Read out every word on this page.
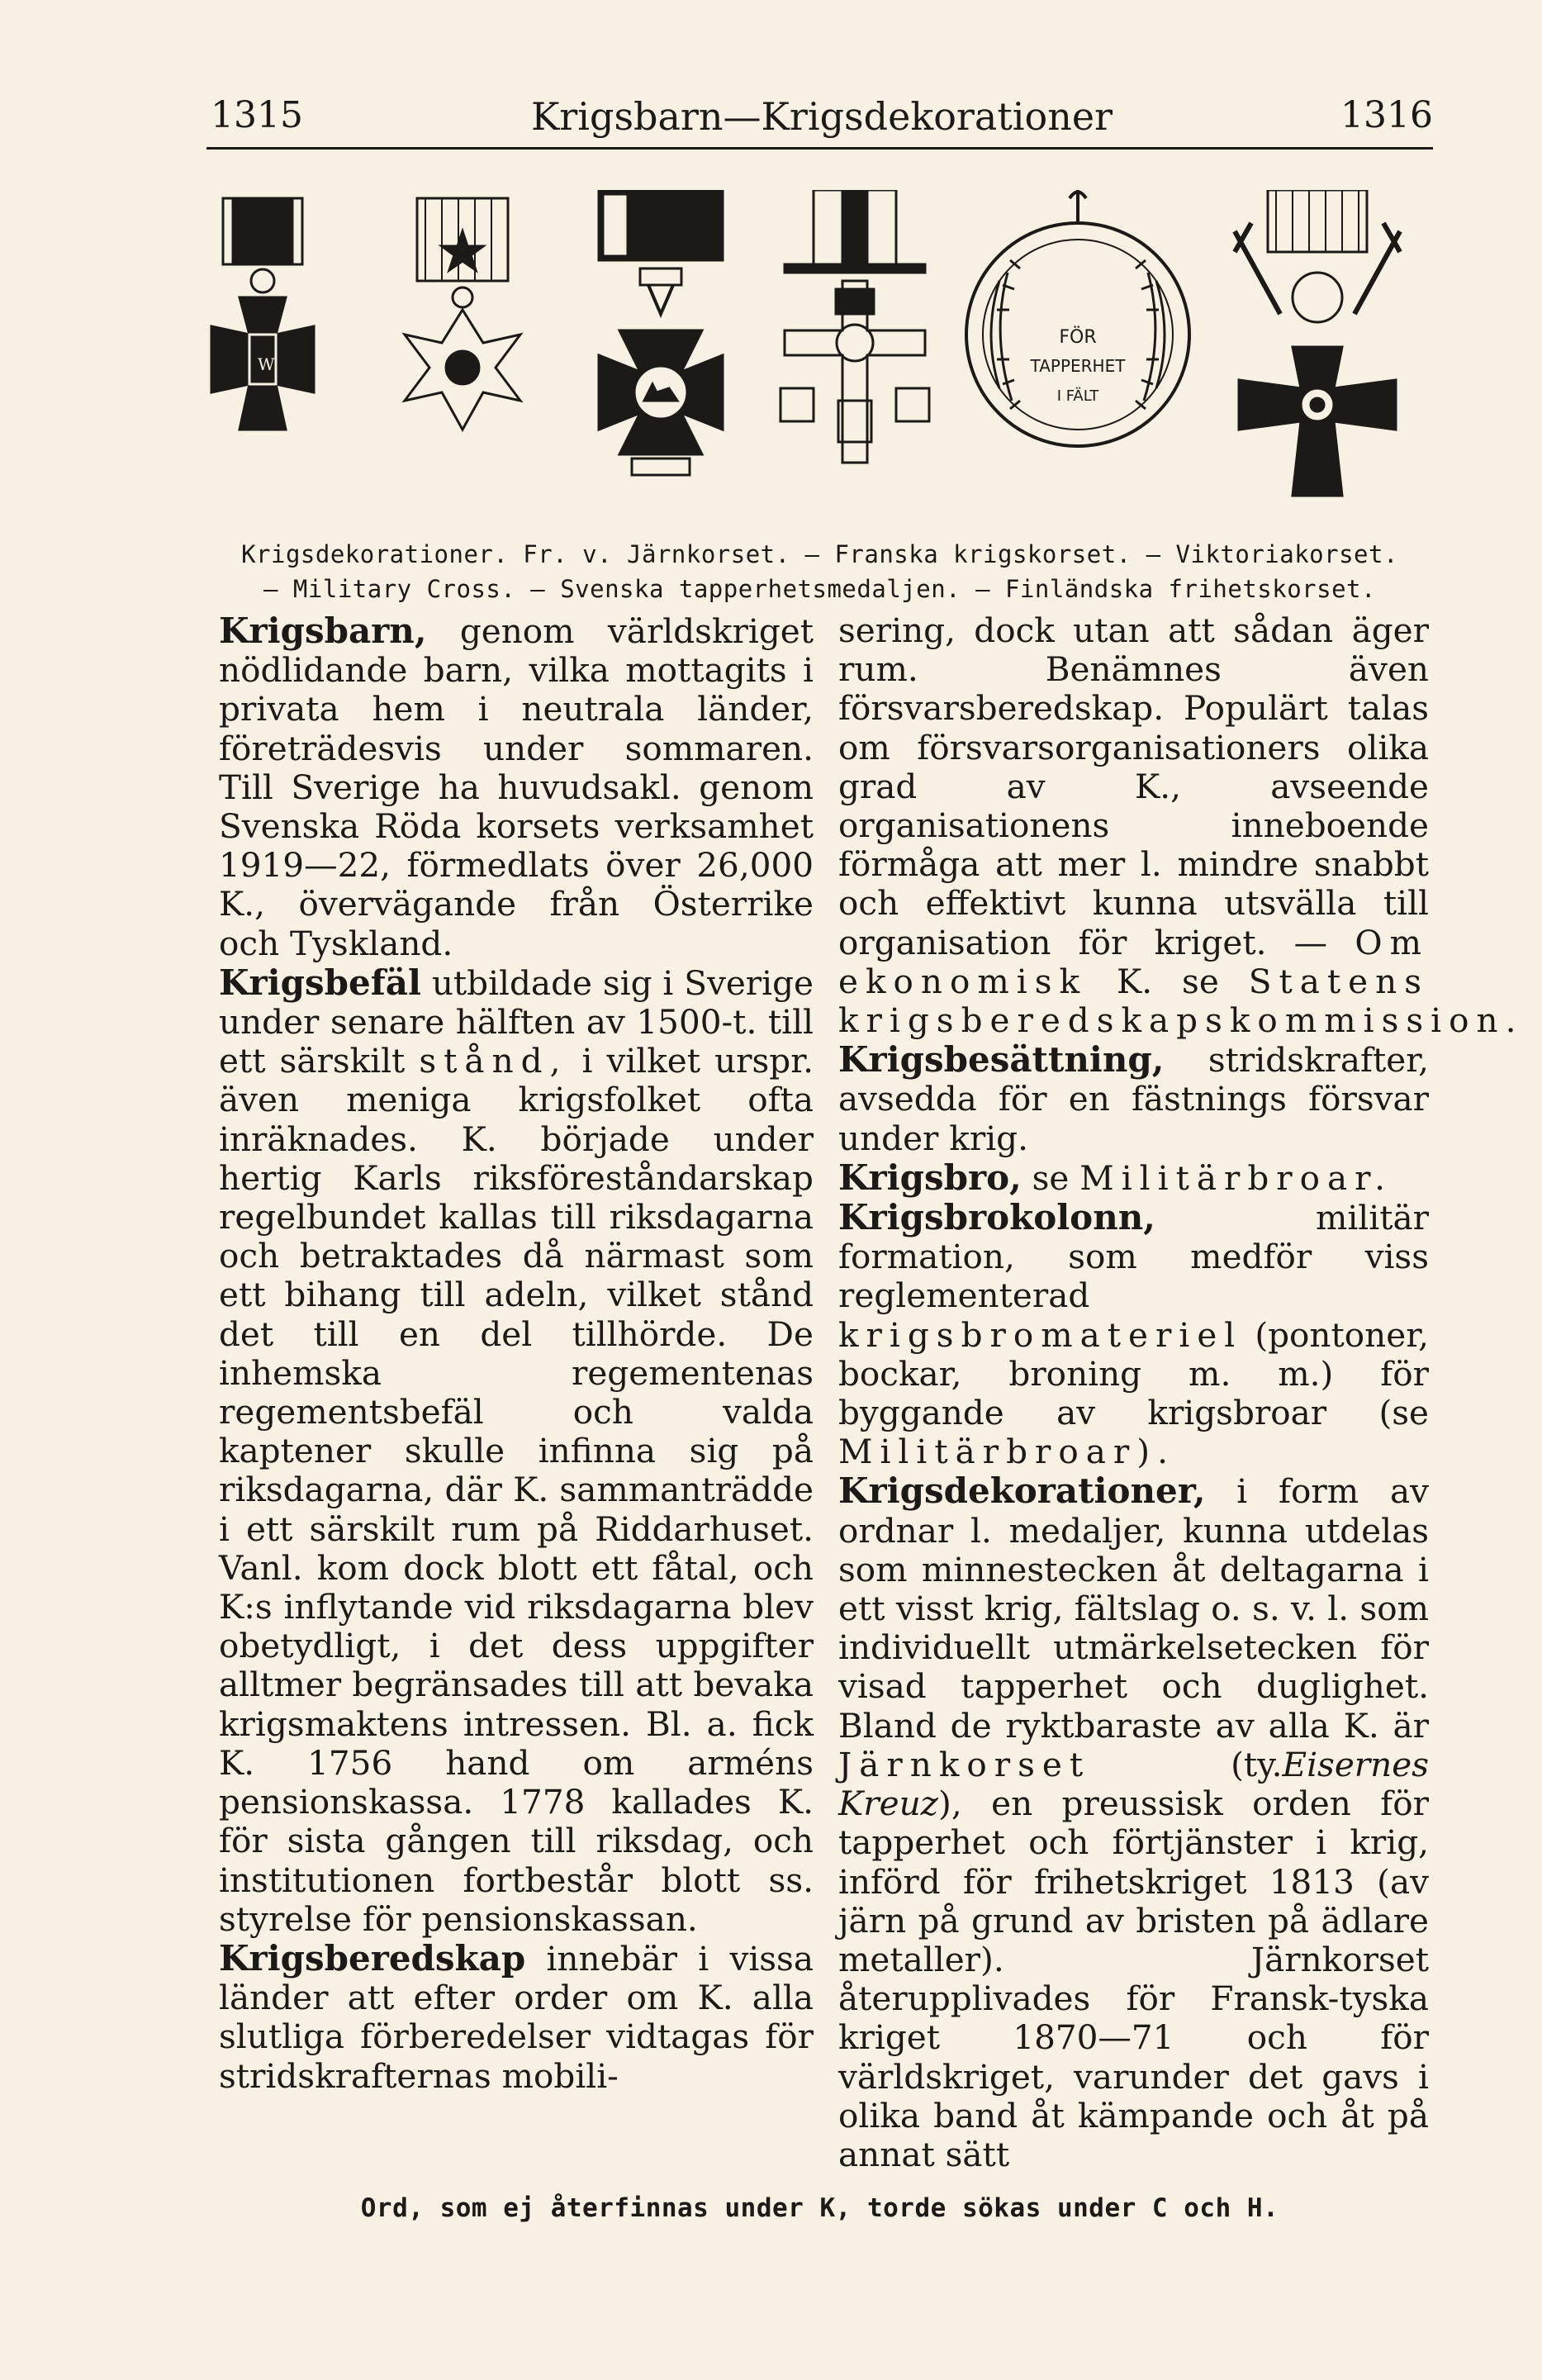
1315	Krigsbarn—Krigsdekorationer	1316
W
FÖR
TAPPERHET
I FÄLT
Krigsdekorationer. Fr. v. Järnkorset. — Franska krigskorset. — Viktoriakorset.
— Military Cross. — Svenska tapperhetsmedaljen. — Finländska frihetskorset.

Krigsbarn, genom världskriget nödlidande barn, vilka mottagits i privata hem i neutrala länder, företrädesvis under sommaren. Till Sverige ha huvudsakl. genom Svenska Röda korsets verksamhet 1919—22, förmedlats över 26,000 K., övervägande från Österrike och Tyskland.

Krigsbefäl utbildade sig i Sverige under senare hälften av 1500-t. till ett särskilt stånd, i vilket urspr. även meniga krigsfolket ofta inräknades. K. började under hertig Karls riksföreståndarskap regelbundet kallas till riksdagarna och betraktades då närmast som ett bihang till adeln, vilket stånd det till en del tillhörde. De inhemska regementenas regementsbefäl och valda kaptener skulle infinna sig på riksdagarna, där K. sammanträdde i ett särskilt rum på Riddarhuset. Vanl. kom dock blott ett fåtal, och K:s inflytande vid riksdagarna blev obetydligt, i det dess uppgifter alltmer begränsades till att bevaka krigsmaktens intressen. Bl. a. fick K. 1756 hand om arméns pensionskassa. 1778 kallades K. för sista gången till riksdag, och institutionen fortbestår blott ss. styrelse för pensionskassan.

Krigsberedskap innebär i vissa länder att efter order om K. alla slutliga förberedelser vidtagas för stridskrafternas mobili-

sering, dock utan att sådan äger rum. Benämnes även försvarsberedskap. Populärt talas om försvarsorganisationers olika grad av K., avseende organisationens inneboende förmåga att mer l. mindre snabbt och effektivt kunna utsvälla till organisation för kriget. — Om ekonomisk K. se Statens krigsberedskapskommission.

Krigsbesättning, stridskrafter, avsedda för en fästnings försvar under krig.

Krigsbro, se Militärbroar.

Krigsbrokolonn,	militär formation, som medför viss reglementerad krigsbromateriel (pontoner, bockar, broning m. m.) för byggande av krigsbroar (se Militärbroar).

Krigsdekorationer, i form av ordnar l. medaljer, kunna utdelas som minnestecken åt deltagarna i ett visst krig, fältslag o. s. v. l. som individuellt utmärkelsetecken för visad tapperhet och duglighet. Bland de ryktbaraste av alla K. är Järnkorset	(ty.Eisernes Kreuz), en preussisk orden för tapperhet och förtjänster i krig, införd för frihetskriget 1813 (av järn på grund av bristen på ädlare metaller). Järnkorset återupplivades för Fransk-tyska kriget 1870—71 och för världskriget, varunder det gavs i olika band åt kämpande och åt på annat sätt

Ord, som ej återfinnas under K, torde sökas under C och H.
